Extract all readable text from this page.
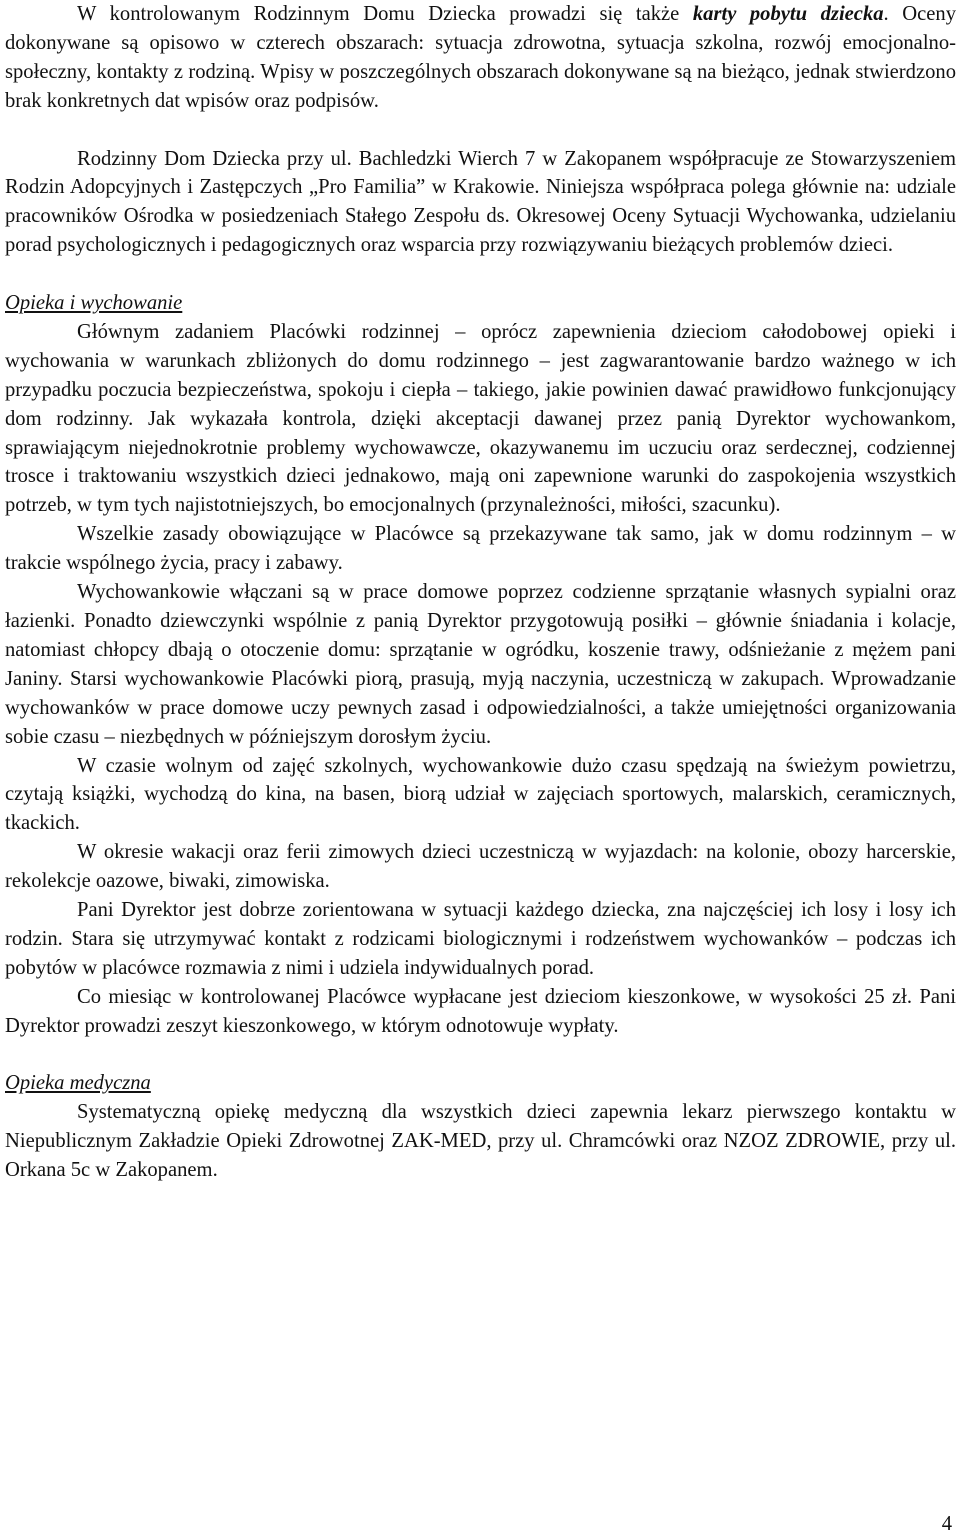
W kontrolowanym Rodzinnym Domu Dziecka prowadzi się także karty pobytu dziecka. Oceny dokonywane są opisowo w czterech obszarach: sytuacja zdrowotna, sytuacja szkolna, rozwój emocjonalno-społeczny, kontakty z rodziną. Wpisy w poszczególnych obszarach dokonywane są na bieżąco, jednak stwierdzono brak konkretnych dat wpisów oraz podpisów.

Rodzinny Dom Dziecka przy ul. Bachledzki Wierch 7 w Zakopanem współpracuje ze Stowarzyszeniem Rodzin Adopcyjnych i Zastępczych „Pro Familia” w Krakowie. Niniejsza współpraca polega głównie na: udziale pracowników Ośrodka w posiedzeniach Stałego Zespołu ds. Okresowej Oceny Sytuacji Wychowanka, udzielaniu porad psychologicznych i pedagogicznych oraz wsparcia przy rozwiązywaniu bieżących problemów dzieci.

Opieka i wychowanie

Głównym zadaniem Placówki rodzinnej – oprócz zapewnienia dzieciom całodobowej opieki i wychowania w warunkach zbliżonych do domu rodzinnego – jest zagwarantowanie bardzo ważnego w ich przypadku poczucia bezpieczeństwa, spokoju i ciepła – takiego, jakie powinien dawać prawidłowo funkcjonujący dom rodzinny. Jak wykazała kontrola, dzięki akceptacji dawanej przez panią Dyrektor wychowankom, sprawiającym niejednokrotnie problemy wychowawcze, okazywanemu im uczuciu oraz serdecznej, codziennej trosce i traktowaniu wszystkich dzieci jednakowo, mają oni zapewnione warunki do zaspokojenia wszystkich potrzeb, w tym tych najistotniejszych, bo emocjonalnych (przynależności, miłości, szacunku).

Wszelkie zasady obowiązujące w Placówce są przekazywane tak samo, jak w domu rodzinnym – w trakcie wspólnego życia, pracy i zabawy.

Wychowankowie włączani są w prace domowe poprzez codzienne sprzątanie własnych sypialni oraz łazienki. Ponadto dziewczynki wspólnie z panią Dyrektor przygotowują posiłki – głównie śniadania i kolacje, natomiast chłopcy dbają o otoczenie domu: sprzątanie w ogródku, koszenie trawy, odśnieżanie z mężem pani Janiny. Starsi wychowankowie Placówki piorą, prasują, myją naczynia, uczestniczą w zakupach. Wprowadzanie wychowanków w prace domowe uczy pewnych zasad i odpowiedzialności, a także umiejętności organizowania sobie czasu – niezbędnych w późniejszym dorosłym życiu.

W czasie wolnym od zajęć szkolnych, wychowankowie dużo czasu spędzają na świeżym powietrzu, czytają książki, wychodzą do kina, na basen, biorą udział w zajęciach sportowych, malarskich, ceramicznych, tkackich.

W okresie wakacji oraz ferii zimowych dzieci uczestniczą w wyjazdach: na kolonie, obozy harcerskie, rekolekcje oazowe, biwaki, zimowiska.

Pani Dyrektor jest dobrze zorientowana w sytuacji każdego dziecka, zna najczęściej ich losy i losy ich rodzin. Stara się utrzymywać kontakt z rodzicami biologicznymi i rodzeństwem wychowanków – podczas ich pobytów w placówce rozmawia z nimi i udziela indywidualnych porad.

Co miesiąc w kontrolowanej Placówce wypłacane jest dzieciom kieszonkowe, w wysokości 25 zł. Pani Dyrektor prowadzi zeszyt kieszonkowego, w którym odnotowuje wypłaty.

Opieka medyczna

Systematyczną opiekę medyczną dla wszystkich dzieci zapewnia lekarz pierwszego kontaktu w Niepublicznym Zakładzie Opieki Zdrowotnej ZAK-MED, przy ul. Chramcówki oraz NZOZ ZDROWIE, przy ul. Orkana 5c w Zakopanem.

4
